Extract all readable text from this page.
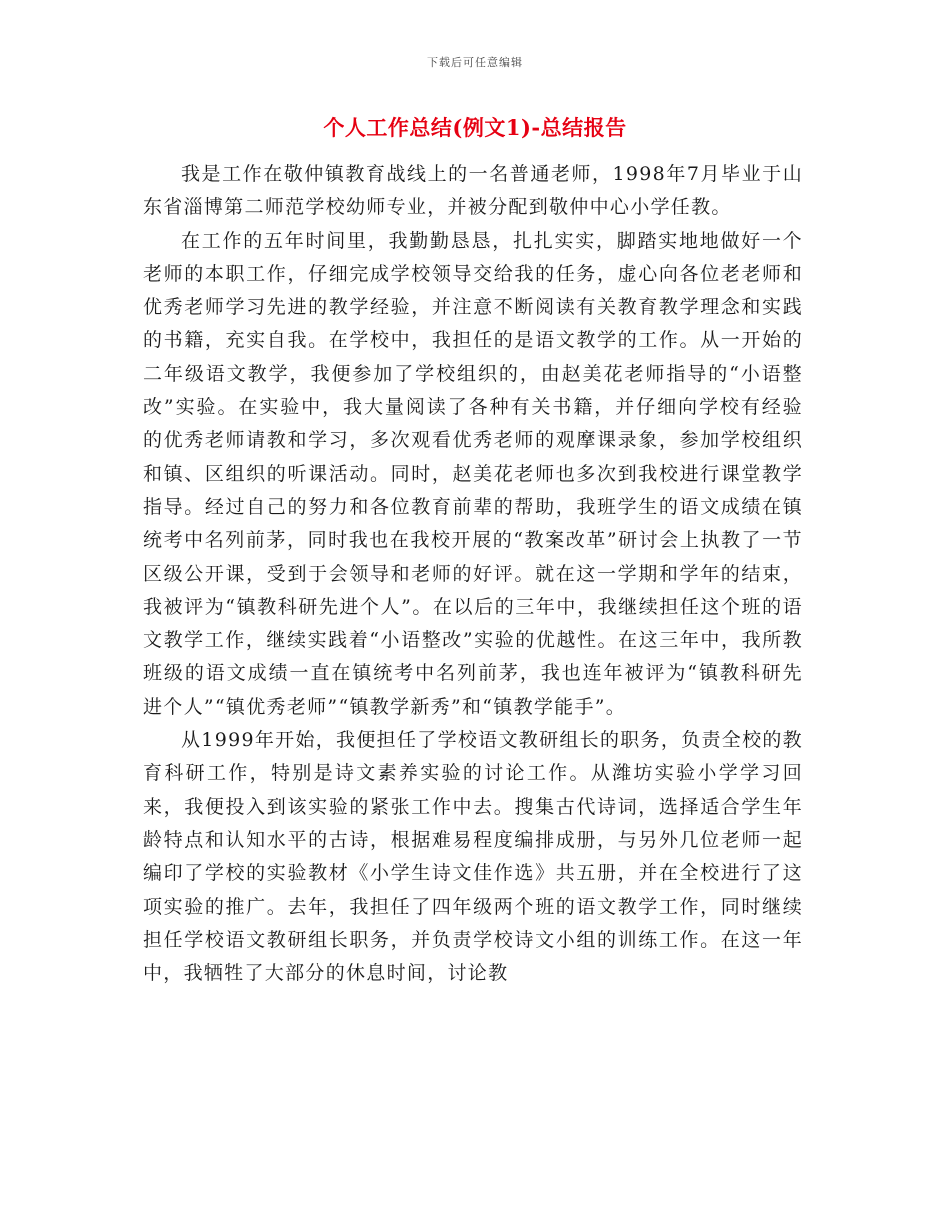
下载后可任意编辑
个人工作总结(例文1)-总结报告

我是工作在敬仲镇教育战线上的一名普通老师，1998年7月毕业于山东省淄博第二师范学校幼师专业，并被分配到敬仲中心小学任教。

在工作的五年时间里，我勤勤恳恳，扎扎实实，脚踏实地地做好一个老师的本职工作，仔细完成学校领导交给我的任务，虚心向各位老老师和优秀老师学习先进的教学经验，并注意不断阅读有关教育教学理念和实践的书籍，充实自我。在学校中，我担任的是语文教学的工作。从一开始的二年级语文教学，我便参加了学校组织的，由赵美花老师指导的“小语整改”实验。在实验中，我大量阅读了各种有关书籍，并仔细向学校有经验的优秀老师请教和学习，多次观看优秀老师的观摩课录象，参加学校组织和镇、区组织的听课活动。同时，赵美花老师也多次到我校进行课堂教学指导。经过自己的努力和各位教育前辈的帮助，我班学生的语文成绩在镇统考中名列前茅，同时我也在我校开展的“教案改革”研讨会上执教了一节区级公开课，受到于会领导和老师的好评。就在这一学期和学年的结束，我被评为“镇教科研先进个人”。在以后的三年中，我继续担任这个班的语文教学工作，继续实践着“小语整改”实验的优越性。在这三年中，我所教班级的语文成绩一直在镇统考中名列前茅，我也连年被评为“镇教科研先进个人”“镇优秀老师”“镇教学新秀”和“镇教学能手”。

从1999年开始，我便担任了学校语文教研组长的职务，负责全校的教育科研工作，特别是诗文素养实验的讨论工作。从潍坊实验小学学习回来，我便投入到该实验的紧张工作中去。搜集古代诗词，选择适合学生年龄特点和认知水平的古诗，根据难易程度编排成册，与另外几位老师一起编印了学校的实验教材《小学生诗文佳作选》共五册，并在全校进行了这项实验的推广。去年，我担任了四年级两个班的语文教学工作，同时继续担任学校语文教研组长职务，并负责学校诗文小组的训练工作。在这一年中，我牺牲了大部分的休息时间，讨论教
